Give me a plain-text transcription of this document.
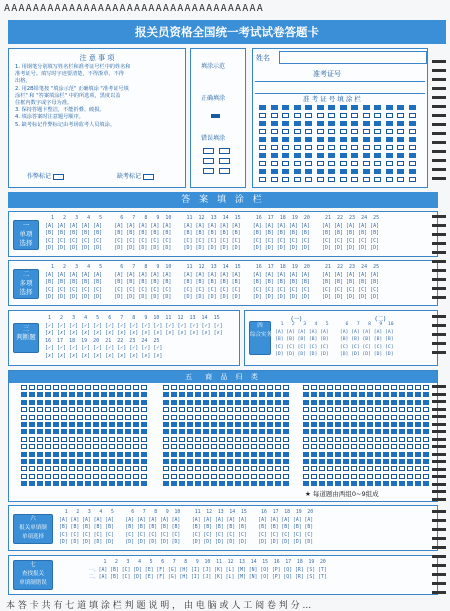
AAAAAAAAAAAAAAAAAAAAAAAAAAAAAAAAAAAA
报关员资格全国统一考试试卷答题卡
注 意 事 项
1. 用钢笔分别填写姓名栏和准考证号栏中的姓名和
准考证号。填写时字迹要清楚，不得潦草，不得
出格。
2. 用2B铅笔按 "填涂示范" 正确填涂 "准考证号填
涂栏" 和 "答案填涂栏" 中的所选项，黑度以盖
住框内数字或字母为准。
3. 保持答题卡整洁，不能折叠、破损。
4. 填涂答案时注意题号顺序。
5. 缺考标记作弊标记由考场监考人员填涂。
作弊标记	缺考标记
填涂示范
正确填涂
错误填涂

姓名
准考证号
准 考 证 号 填 涂 栏
答 案 填 涂 栏
一
单项
选择
1   2   3   4   5      6   7   8   9  10     11  12  13  14  15     16  17  18  19  20     21  22  23  24  25
[A] [A] [A] [A] [A]    [A] [A] [A] [A] [A]    [A] [A] [A] [A] [A]    [A] [A] [A] [A] [A]    [A] [A] [A] [A] [A]
[B] [B] [B] [B] [B]    [B] [B] [B] [B] [B]    [B] [B] [B] [B] [B]    [B] [B] [B] [B] [B]    [B] [B] [B] [B] [B]
[C] [C] [C] [C] [C]    [C] [C] [C] [C] [C]    [C] [C] [C] [C] [C]    [C] [C] [C] [C] [C]    [C] [C] [C] [C] [C]
[D] [D] [D] [D] [D]    [D] [D] [D] [D] [D]    [D] [D] [D] [D] [D]    [D] [D] [D] [D] [D]    [D] [D] [D] [D] [D]
二
多项
选择
1   2   3   4   5      6   7   8   9  10     11  12  13  14  15     16  17  18  19  20     21  22  23  24  25
[A] [A] [A] [A] [A]    [A] [A] [A] [A] [A]    [A] [A] [A] [A] [A]    [A] [A] [A] [A] [A]    [A] [A] [A] [A] [A]
[B] [B] [B] [B] [B]    [B] [B] [B] [B] [B]    [B] [B] [B] [B] [B]    [B] [B] [B] [B] [B]    [B] [B] [B] [B] [B]
[C] [C] [C] [C] [C]    [C] [C] [C] [C] [C]    [C] [C] [C] [C] [C]    [C] [C] [C] [C] [C]    [C] [C] [C] [C] [C]
[D] [D] [D] [D] [D]    [D] [D] [D] [D] [D]    [D] [D] [D] [D] [D]    [D] [D] [D] [D] [D]    [D] [D] [D] [D] [D]
三
判断题
1   2   3   4   5   6   7   8   9  10  11  12  13  14  15
[✓] [✓] [✓] [✓] [✓] [✓] [✓] [✓] [✓] [✓] [✓] [✓] [✓] [✓] [✓]
[✗] [✗] [✗] [✗] [✗] [✗] [✗] [✗] [✗] [✗] [✗] [✗] [✗] [✗] [✗]
16  17  18  19  20  21  22  23  24  25
[✓] [✓] [✓] [✓] [✓] [✓] [✓] [✓] [✓] [✓]
[✗] [✗] [✗] [✗] [✗] [✗] [✗] [✗] [✗] [✗]
四
综合实务
(一)	(二)
1   2   3   4   5      6   7   8   9  10
[A] [A] [A] [A] [A]    [A] [A] [A] [A] [A]
[B] [B] [B] [B] [B]    [B] [B] [B] [B] [B]
[C] [C] [C] [C] [C]    [C] [C] [C] [C] [C]
[D] [D] [D] [D] [D]    [D] [D] [D] [D] [D]
五　商 品 归 类
★ 每道题由两组0~9组成
六
报关单填制
单项选择
1   2   3   4   5      6   7   8   9  10     11  12  13  14  15     16  17  18  19  20
[A] [A] [A] [A] [A]    [A] [A] [A] [A] [A]    [A] [A] [A] [A] [A]    [A] [A] [A] [A] [A]
[B] [B] [B] [B] [B]    [B] [B] [B] [B] [B]    [B] [B] [B] [B] [B]    [B] [B] [B] [B] [B]
[C] [C] [C] [C] [C]    [C] [C] [C] [C] [C]    [C] [C] [C] [C] [C]    [C] [C] [C] [C] [C]
[D] [D] [D] [D] [D]    [D] [D] [D] [D] [D]    [D] [D] [D] [D] [D]    [D] [D] [D] [D] [D]
七
查找报关
单填制错误
1   2   3   4   5   6   7   8   9  10  11  12  13  14  15  16  17  18  19  20
一、[A] [B] [C] [D] [E] [F] [G] [H] [I] [J] [K] [L] [M] [N] [O] [P] [Q] [R] [S] [T]
二、[A] [B] [C] [D] [E] [F] [G] [H] [I] [J] [K] [L] [M] [N] [O] [P] [Q] [R] [S] [T]
本 答 卡 共 有 七 道 填 涂 栏 判 题 说 明 ， 由 电 脑 或 人 工 阅 卷 判 分 ...
